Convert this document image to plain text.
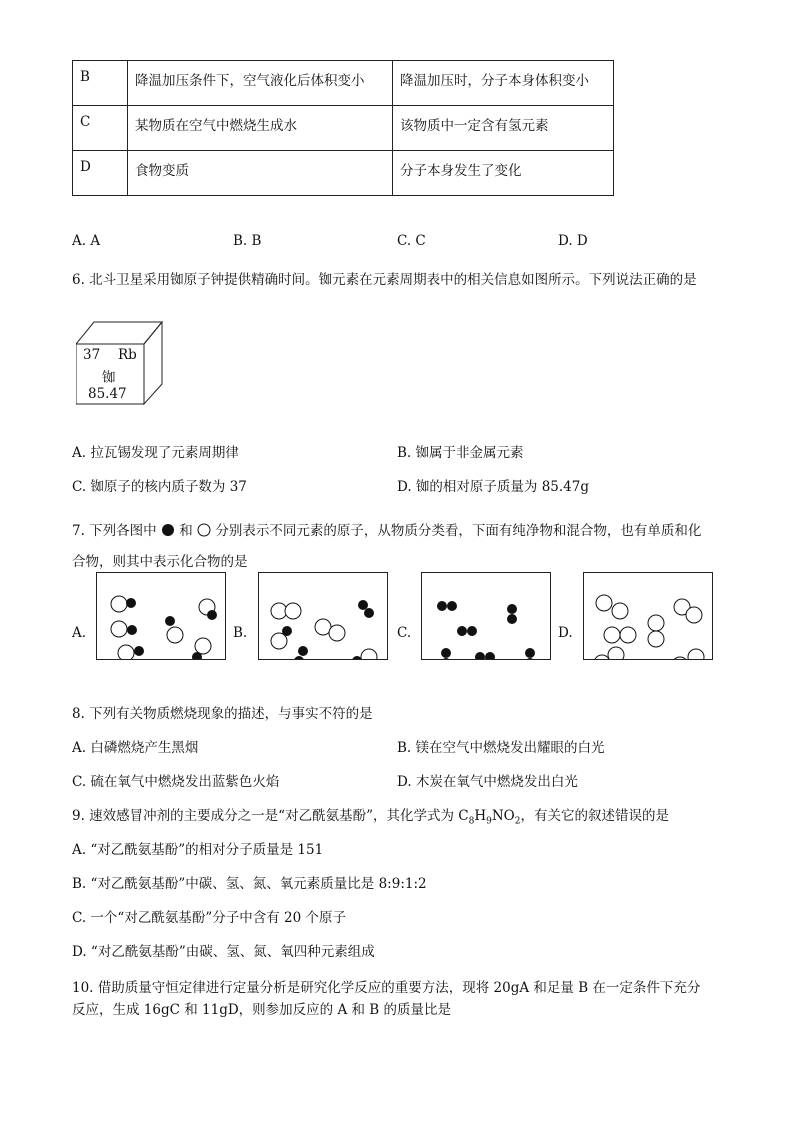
B	降温加压条件下，空气液化后体积变小	降温加压时，分子本身体积变小
C	某物质在空气中燃烧生成水	该物质中一定含有氢元素
D	食物变质	分子本身发生了变化
A. A	B. B	C. C	D. D
6. 北斗卫星采用铷原子钟提供精确时间。铷元素在元素周期表中的相关信息如图所示。下列说法正确的是
37 Rb
铷
85.47
A. 拉瓦锡发现了元素周期律	B. 铷属于非金属元素
C. 铷原子的核内质子数为 37	D. 铷的相对原子质量为 85.47g
7. 下列各图中 和 分别表示不同元素的原子，从物质分类看，下面有纯净物和混合物，也有单质和化
合物，则其中表示化合物的是
A.	B.	C.	D.
8. 下列有关物质燃烧现象的描述，与事实不符的是
A. 白磷燃烧产生黑烟	B. 镁在空气中燃烧发出耀眼的白光
C. 硫在氧气中燃烧发出蓝紫色火焰	D. 木炭在氧气中燃烧发出白光
9. 速效感冒冲剂的主要成分之一是“对乙酰氨基酚”，其化学式为 $C_8H_9NO_2$，有关它的叙述错误的是
A. “对乙酰氨基酚”的相对分子质量是 151
B. “对乙酰氨基酚”中碳、氢、氮、氧元素质量比是 8:9:1:2
C. 一个“对乙酰氨基酚”分子中含有 20 个原子
D. “对乙酰氨基酚”由碳、氢、氮、氧四种元素组成
10. 借助质量守恒定律进行定量分析是研究化学反应的重要方法，现将 20gA 和足量 B 在一定条件下充分
反应，生成 16gC 和 11gD，则参加反应的 A 和 B 的质量比是
